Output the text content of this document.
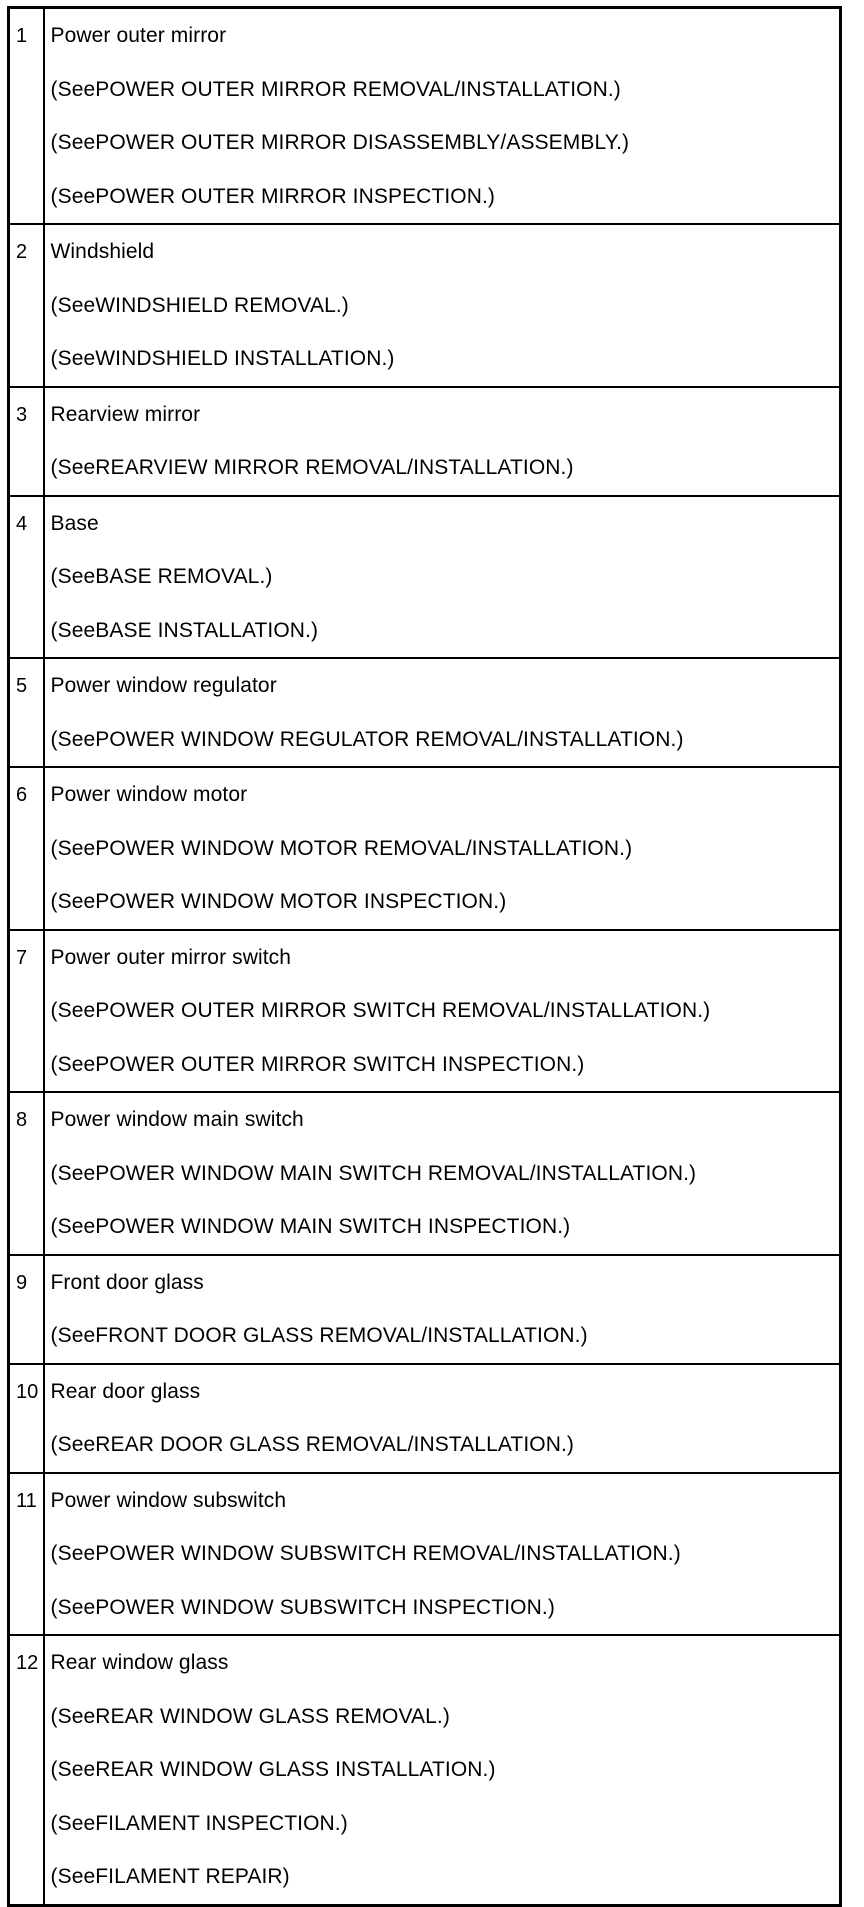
1	Power outer mirror
(SeePOWER OUTER MIRROR REMOVAL/INSTALLATION.)
(SeePOWER OUTER MIRROR DISASSEMBLY/ASSEMBLY.)
(SeePOWER OUTER MIRROR INSPECTION.)

2	Windshield
(SeeWINDSHIELD REMOVAL.)
(SeeWINDSHIELD INSTALLATION.)

3	Rearview mirror
(SeeREARVIEW MIRROR REMOVAL/INSTALLATION.)

4	Base
(SeeBASE REMOVAL.)
(SeeBASE INSTALLATION.)

5	Power window regulator
(SeePOWER WINDOW REGULATOR REMOVAL/INSTALLATION.)

6	Power window motor
(SeePOWER WINDOW MOTOR REMOVAL/INSTALLATION.)
(SeePOWER WINDOW MOTOR INSPECTION.)

7	Power outer mirror switch
(SeePOWER OUTER MIRROR SWITCH REMOVAL/INSTALLATION.)
(SeePOWER OUTER MIRROR SWITCH INSPECTION.)

8	Power window main switch
(SeePOWER WINDOW MAIN SWITCH REMOVAL/INSTALLATION.)
(SeePOWER WINDOW MAIN SWITCH INSPECTION.)

9	Front door glass
(SeeFRONT DOOR GLASS REMOVAL/INSTALLATION.)

10	Rear door glass
(SeeREAR DOOR GLASS REMOVAL/INSTALLATION.)

11	Power window subswitch
(SeePOWER WINDOW SUBSWITCH REMOVAL/INSTALLATION.)
(SeePOWER WINDOW SUBSWITCH INSPECTION.)

12	Rear window glass
(SeeREAR WINDOW GLASS REMOVAL.)
(SeeREAR WINDOW GLASS INSTALLATION.)
(SeeFILAMENT INSPECTION.)
(SeeFILAMENT REPAIR)
